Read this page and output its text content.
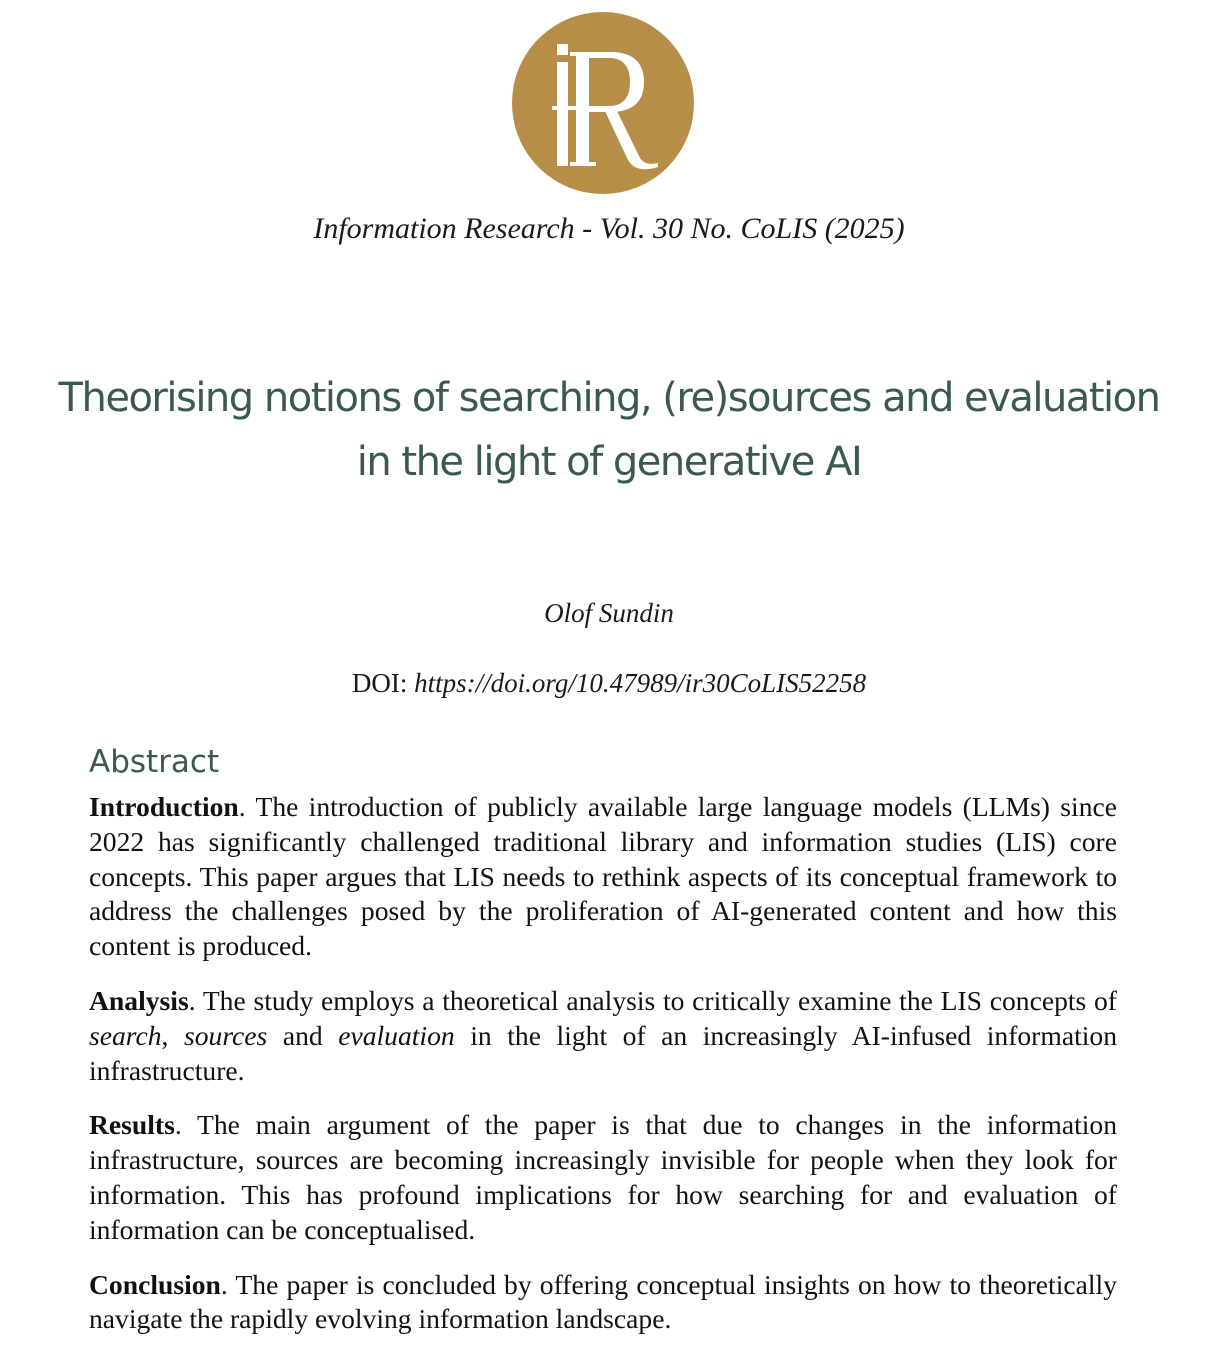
Information Research - Vol. 30 No. CoLIS (2025)
Theorising notions of searching, (re)sources and evaluation
in the light of generative AI
Olof Sundin
DOI: https://doi.org/10.47989/ir30CoLIS52258
Abstract

Introduction. The introduction of publicly available large language models (LLMs) since 2022 has significantly challenged traditional library and information studies (LIS) core concepts. This paper argues that LIS needs to rethink aspects of its conceptual framework to address the challenges posed by the proliferation of AI-generated content and how this content is produced.

Analysis. The study employs a theoretical analysis to critically examine the LIS concepts of search, sources and evaluation in the light of an increasingly AI-infused information infrastructure.

Results. The main argument of the paper is that due to changes in the information infrastructure, sources are becoming increasingly invisible for people when they look for information. This has profound implications for how searching for and evaluation of information can be conceptualised.

Conclusion. The paper is concluded by offering conceptual insights on how to theoretically navigate the rapidly evolving information landscape.
